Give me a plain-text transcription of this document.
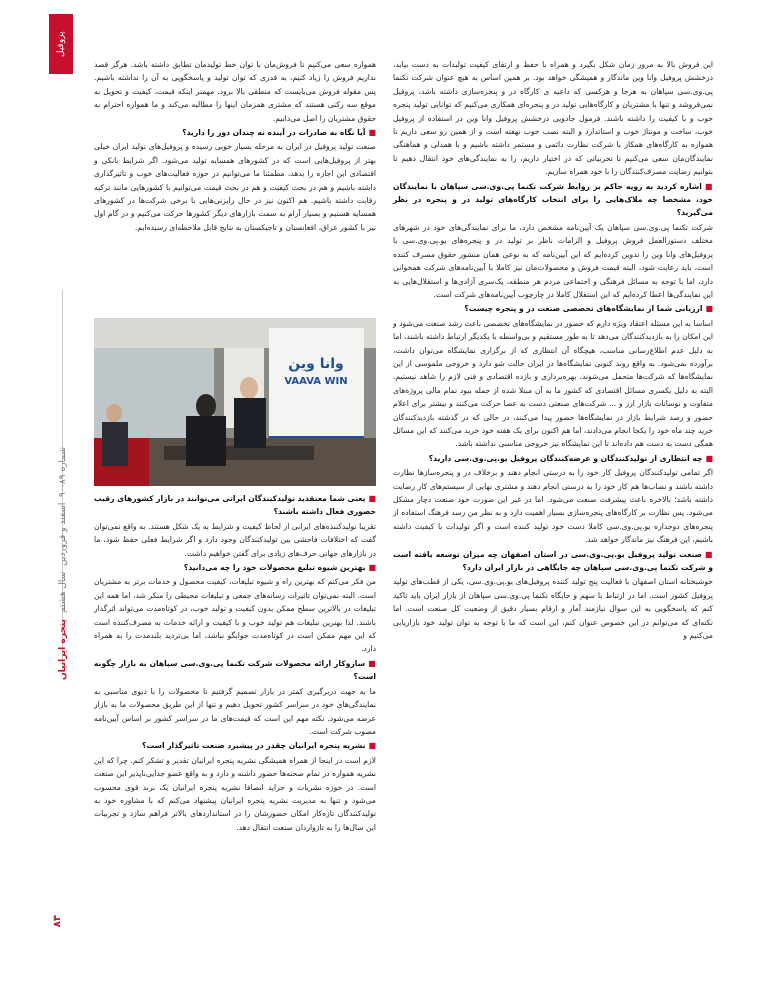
پروفیل
پنجره ایرانیان
سال هشتم
اسفند و فروردین
شماره ۸۹-۹۰
۸۳

این فروش بالا به مرور زمان شکل بگیرد و همراه با حفظ و ارتقای کیفیت تولیدات به دست بیاید، درخشش پروفیل وانا وین ماندگار و همیشگی خواهد بود. بر همین اساس به هیچ عنوان شرکت تکنما پی.وی.سی سپاهان به هرجا و هرکسی که داعیه ی کارگاه در و پنجره‌سازی داشته باشد، پروفیل نمی‌فروشد و تنها با مشتریان و کارگاه‌هایی تولید در و پنجره‌ای همکاری می‌کنیم که توانایی تولید پنجره خوب و با کیفیت را داشته باشند. فرمول جادویی درخشش پروفیل وانا وین در استفاده از پروفیل خوب، ساخت و مونتاژ خوب و استاندارد و البته نصب خوب نهفته است و از همین رو سعی داریم تا همواره به کارگاه‌های همکار با شرکت نظارت دائمی و مستمر داشته باشیم و با همدلی و هماهنگی نمایندگان‌مان سعی می‌کنیم تا تجربیاتی که در اختیار داریم، را به نمایندگی‌های خود انتقال دهیم تا بتوانیم رضایت مصرف‌کنندگان را با خود همراه سازیم.

■اشاره کردید به رویه حاکم بر روابط شرکت تکنما پی.وی.سی سپاهان با نمایندگان خود، مشخصا چه ملاک‌هایی را برای انتخاب کارگاه‌های تولید در و پنجره در نظر می‌گیرید؟

شرکت تکنما پی.وی.سی سپاهان یک آیین‌نامه مشخص دارد، ما برای نمایندگی‌های خود در شهرهای مختلف دستورالعمل فروش پروفیل و الزامات ناظر بر تولید در و پنجره‌های یو.پی.وی.سی با پروفیل‌های وانا وین را تدوین کرده‌ایم که این آیین‌نامه که به نوعی همان منشور حقوق مصرف کننده است، باید رعایت شود، البته قیمت فروش و محصولات‌مان نیز کاملا با آیین‌نامه‌های شرکت همخوانی دارد، اما با توجه به مسائل فرهنگی و اجتماعی مردم هر منطقه، یک‌سری آزادی‌ها و استقلال‌هایی به این نمایندگی‌ها اعطا کرده‌ایم که این استقلال کاملا در چارچوب آیین‌نامه‌های شرکت است.

■ارزیابی شما از نمایشگاه‌های تخصصی صنعت در و پنجره چیست؟

اساسا به این مسئله اعتقاد ویژه دارم که حضور در نمایشگاه‌های تخصصی باعث رشد صنعت می‌شود و این امکان را به بازدیدکنندگان می‌دهد تا به طور مستقیم و بی‌واسطه با یکدیگر ارتباط داشته باشند، اما به دلیل عدم اطلاع‌رسانی مناسب، هیچگاه آن انتظاری که از برگزاری نمایشگاه می‌توان داشت، برآورده نمی‌شود. به واقع روند کنونی نمایشگاه‌ها در ایران حالت شو دارد و خروجی ملموسی از این نمایشگاه‌ها که شرکت‌ها متحمل می‌شوند، بهره‌برداری و بازده اقتصادی و فنی لازم را شاهد نیستیم. البته به دلیل یکسری مسائل اقتصادی که کشور ما به آن مبتلا شده از جمله نبود تمام مالی پروژه‌های متفاوت و نوسانات بازار ارز و ... شرکت‌های صنعتی دست به عصا حرکت می‌کنند و بیشتر برای اعلام حضور و رصد شرایط بازار در نمایشگاه‌ها حضور پیدا می‌کنند، در حالی که در گذشته بازدیدکنندگان خرید چند ماه خود را یکجا انجام می‌دادند، اما هم اکنون برای یک هفته خود خرید می‌کنند که این مسائل همگی دست به دست هم داده‌اند تا این نمایشگاه نیز خروجی مناسبی نداشته باشد.

■چه انتظاری از تولیدکنندگان و عرضه‌کنندگان پروفیل یو.پی.وی.سی دارید؟

اگر تمامی تولیدکنندگان پروفیل کار خود را به درستی انجام دهند و برخلاف در و پنجره‌سازها نظارت داشته باشند و نصاب‌ها هم کار خود را به درستی انجام دهند و مشتری نهایی از سیستم‌های کار رضایت داشته باشد؛ بالاخره باعث پیشرفت صنعت می‌شود. اما در غیر این صورت خود صنعت دچار مشکل می‌شود. پس نظارت بر کارگاه‌های پنجره‌سازی بسیار اهمیت دارد و به نظر من رسد فرهنگ استفاده از پنجره‌های دوجداره یو.پی.وی.سی کاملا دست خود تولید کننده است و اگر تولیدات با کیفیت داشته باشیم، این فرهنگ نیز ماندگار خواهد شد.

■صنعت تولید پروفیل یو.پی.وی.سی در استان اصفهان چه میزان توسعه یافته است و شرکت تکنما پی.وی.سی سپاهان چه جایگاهی در بازار ایران دارد؟

خوشبختانه استان اصفهان با فعالیت پنج تولید کننده پروفیل‌های یو.پی.وی.سی، یکی از قطب‌های تولید پروفیل کشور است. اما در ارتباط با سهم و جایگاه تکنما پی.وی.سی سپاهان از بازار ایران باید تاکید کنم که پاسخگویی به این سوال نیازمند آمار و ارقام بسیار دقیق از وضعیت کل صنعت است. اما نکته‌ای که می‌توانم در این خصوص عنوان کنم، این است که ما با توجه به توان تولید خود بازاریابی می‌کنیم و

همواره سعی می‌کنیم تا فروش‌مان با توان خط تولیدمان تطابق داشته باشد. هرگز قصد نداریم فروش را زیاد کنیم، به قدری که توان تولید و پاسخگویی به آن را نداشته باشیم. پس مقوله فروش می‌بایست که منطقی بالا برود. مهمتر اینکه قیمت، کیفیت و تحویل به موقع سه رکنی هستند که مشتری همزمان اینها را مطالبه می‌کند و ما همواره احترام به حقوق مشتریان را اصل می‌دانیم.

■آیا نگاه به صادرات در آینده نه چندان دور را دارید؟

صنعت تولید پروفیل در ایران به مرحله بسیار خوبی رسیده و پروفیل‌های تولید ایران خیلی بهتر از پروفیل‌هایی است که در کشورهای همسایه تولید می‌شود. اگر شرایط بانکی و اقتصادی این اجازه را بدهد، مطمئنا ما می‌توانیم در حوزه فعالیت‌های خوب و تاثیرگذاری داشته باشیم و هم در بحث کیفیت و هم در بحث قیمت می‌توانیم با کشورهایی مانند ترکیه رقابت داشته باشیم. هم اکنون نیز در حال رایزنی‌هایی با برخی شرکت‌ها در کشورهای همسایه هستیم و بسیار آرام به سمت بازارهای دیگر کشورها حرکت می‌کنیم و در گام اول نیز با کشور عراق، افغانستان و تاجیکستان به نتایج قابل ملاحظه‌ای رسیده‌ایم.

وانا وین
VAAVA WIN

■یعنی شما معتقدید تولیدکنندگان ایرانی می‌توانند در بازار کشورهای رقیب حضوری فعال داشته باشند؟

تقریبا تولیدکننده‌های ایرانی از لحاظ کیفیت و شرایط به یک شکل هستند. به واقع نمی‌توان گفت که اختلافات فاحشی بین تولیدکنندگان وجود دارد و اگر شرایط فعلی حفظ شود، ما در بازارهای جهانی حرف‌های زیادی برای گفتن خواهیم داشت.

■بهترین شیوه تبلیغ محصولات خود را چه می‌دانید؟

من فکر می‌کنم که بهترین راه و شیوه تبلیغات، کیفیت محصول و خدمات برتر به مشتریان است. البته نمی‌توان تاثیرات رسانه‌های جمعی و تبلیغات محیطی را منکر شد، اما همه این تبلیغات در بالاترین سطح ممکن بدون کیفیت و تولید خوب، در کوتاه‌مدت می‌تواند اثرگذار باشند. لذا بهترین تبلیغات هم تولید خوب و با کیفیت و ارائه خدمات به مصرف‌کننده است که این مهم ممکن است در کوتاه‌مدت جوابگو نباشد، اما بی‌تردید بلندمدت را به همراه دارد.

■سازوکار ارائه محصولات شرکت تکنما پی.وی.سی سپاهان به بازار چگونه است؟

ما به جهت دربرگیری کمتر در بازار تصمیم گرفتیم تا محصولات را با دیوی مناسبی به نمایندگی‌های خود در سراسر کشور تحویل دهیم و تنها از این طریق محصولات ما به بازار عرضه می‌شود. نکته مهم این است که قیمت‌های ما در سراسر کشور بر اساس آیین‌نامه مصوب شرکت است.

■نشریه پنجره ایرانیان چقدر در پیشبرد صنعت تاثیرگذار است؟

لازم است در اینجا از همراه همیشگی نشریه پنجره ایرانیان تقدیر و تشکر کنم. چرا که این نشریه همواره در تمام صحنه‌ها حضور داشته و دارد و به واقع عضو جدایی‌ناپذیر این صنعت است. در حوزه نشریات و جراید انصافا نشریه پنجره ایرانیان یک برند قوی محسوب می‌شود و تنها به مدیریت نشریه پنجره ایرانیان پیشنهاد می‌کنم که با مشاوره خود به تولیدکنندگان تازه‌کار امکان حضورشان را در استانداردهای بالاتر فراهم سازد و تجربیات این سال‌ها را به تازواردان صنعت انتقال دهد.
